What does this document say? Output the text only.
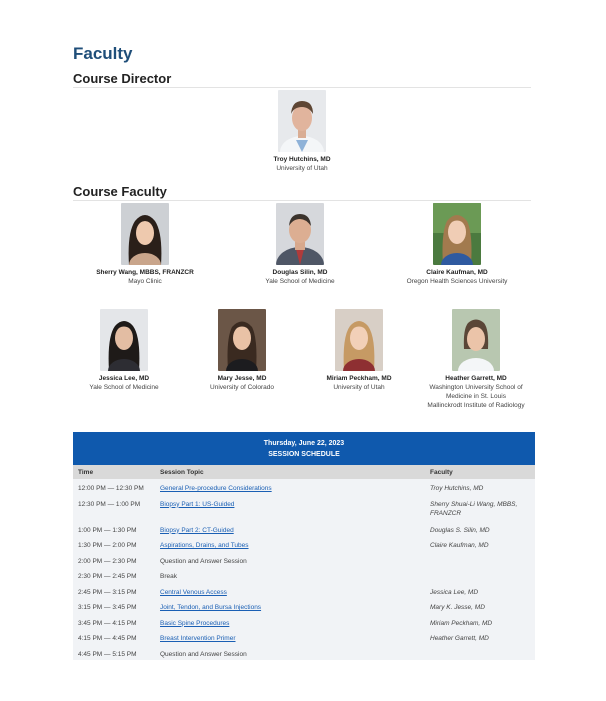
Faculty
Course Director
Troy Hutchins, MD
University of Utah
Course Faculty
Sherry Wang, MBBS, FRANZCR
Mayo Clinic
Douglas Silin, MD
Yale School of Medicine
Claire Kaufman, MD
Oregon Health Sciences University
Jessica Lee, MD
Yale School of Medicine
Mary Jesse, MD
University of Colorado
Miriam Peckham, MD
University of Utah
Heather Garrett, MD
Washington University School of
Medicine in St. Louis
Mallinckrodt Institute of Radiology
Thursday, June 22, 2023
SESSION SCHEDULE
Time	Session Topic	Faculty
12:00 PM — 12:30 PM	General Pre-procedure Considerations	Troy Hutchins, MD
12:30 PM — 1:00 PM	Biopsy Part 1: US-Guided	Sherry Shuai-Li Wang, MBBS, FRANZCR
1:00 PM — 1:30 PM	Biopsy Part 2: CT-Guided	Douglas S. Silin, MD
1:30 PM — 2:00 PM	Aspirations, Drains, and Tubes	Claire Kaufman, MD
2:00 PM — 2:30 PM	Question and Answer Session
2:30 PM — 2:45 PM	Break
2:45 PM — 3:15 PM	Central Venous Access	Jessica Lee, MD
3:15 PM — 3:45 PM	Joint, Tendon, and Bursa Injections	Mary K. Jesse, MD
3:45 PM — 4:15 PM	Basic Spine Procedures	Miriam Peckham, MD
4:15 PM — 4:45 PM	Breast Intervention Primer	Heather Garrett, MD
4:45 PM — 5:15 PM	Question and Answer Session
